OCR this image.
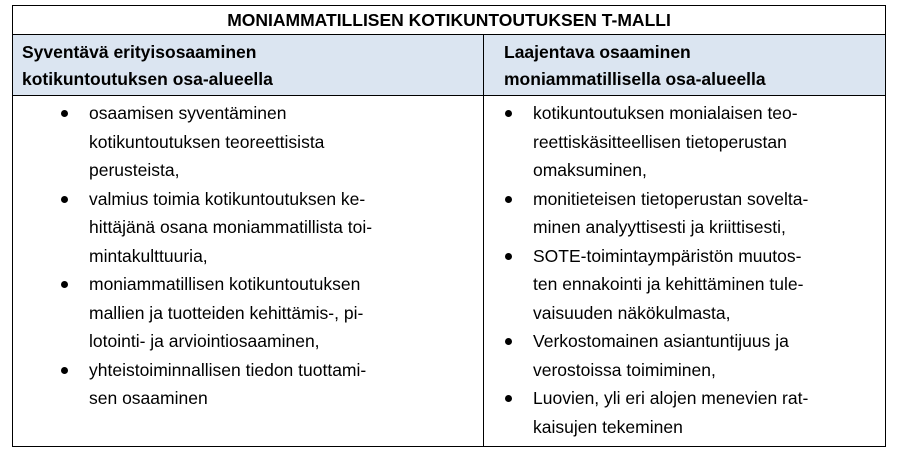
MONIAMMATILLISEN KOTIKUNTOUTUKSEN T-MALLI
Syventävä erityisosaaminen
kotikuntoutuksen osa-alueella
Laajentava osaaminen
moniammatillisella osa-alueella
osaamisen syventäminen
kotikuntoutuksen teoreettisista
perusteista,
valmius toimia kotikuntoutuksen ke-
hittäjänä osana moniammatillista toi-
mintakulttuuria,
moniammatillisen kotikuntoutuksen
mallien ja tuotteiden kehittämis-, pi-
lotointi- ja arviointiosaaminen,
yhteistoiminnallisen tiedon tuottami-
sen osaaminen
kotikuntoutuksen monialaisen teo-
reettiskäsitteellisen tietoperustan
omaksuminen,
monitieteisen tietoperustan sovelta-
minen analyyttisesti ja kriittisesti,
SOTE-toimintaympäristön muutos-
ten ennakointi ja kehittäminen tule-
vaisuuden näkökulmasta,
Verkostomainen asiantuntijuus ja
verostoissa toimiminen,
Luovien, yli eri alojen menevien rat-
kaisujen tekeminen
